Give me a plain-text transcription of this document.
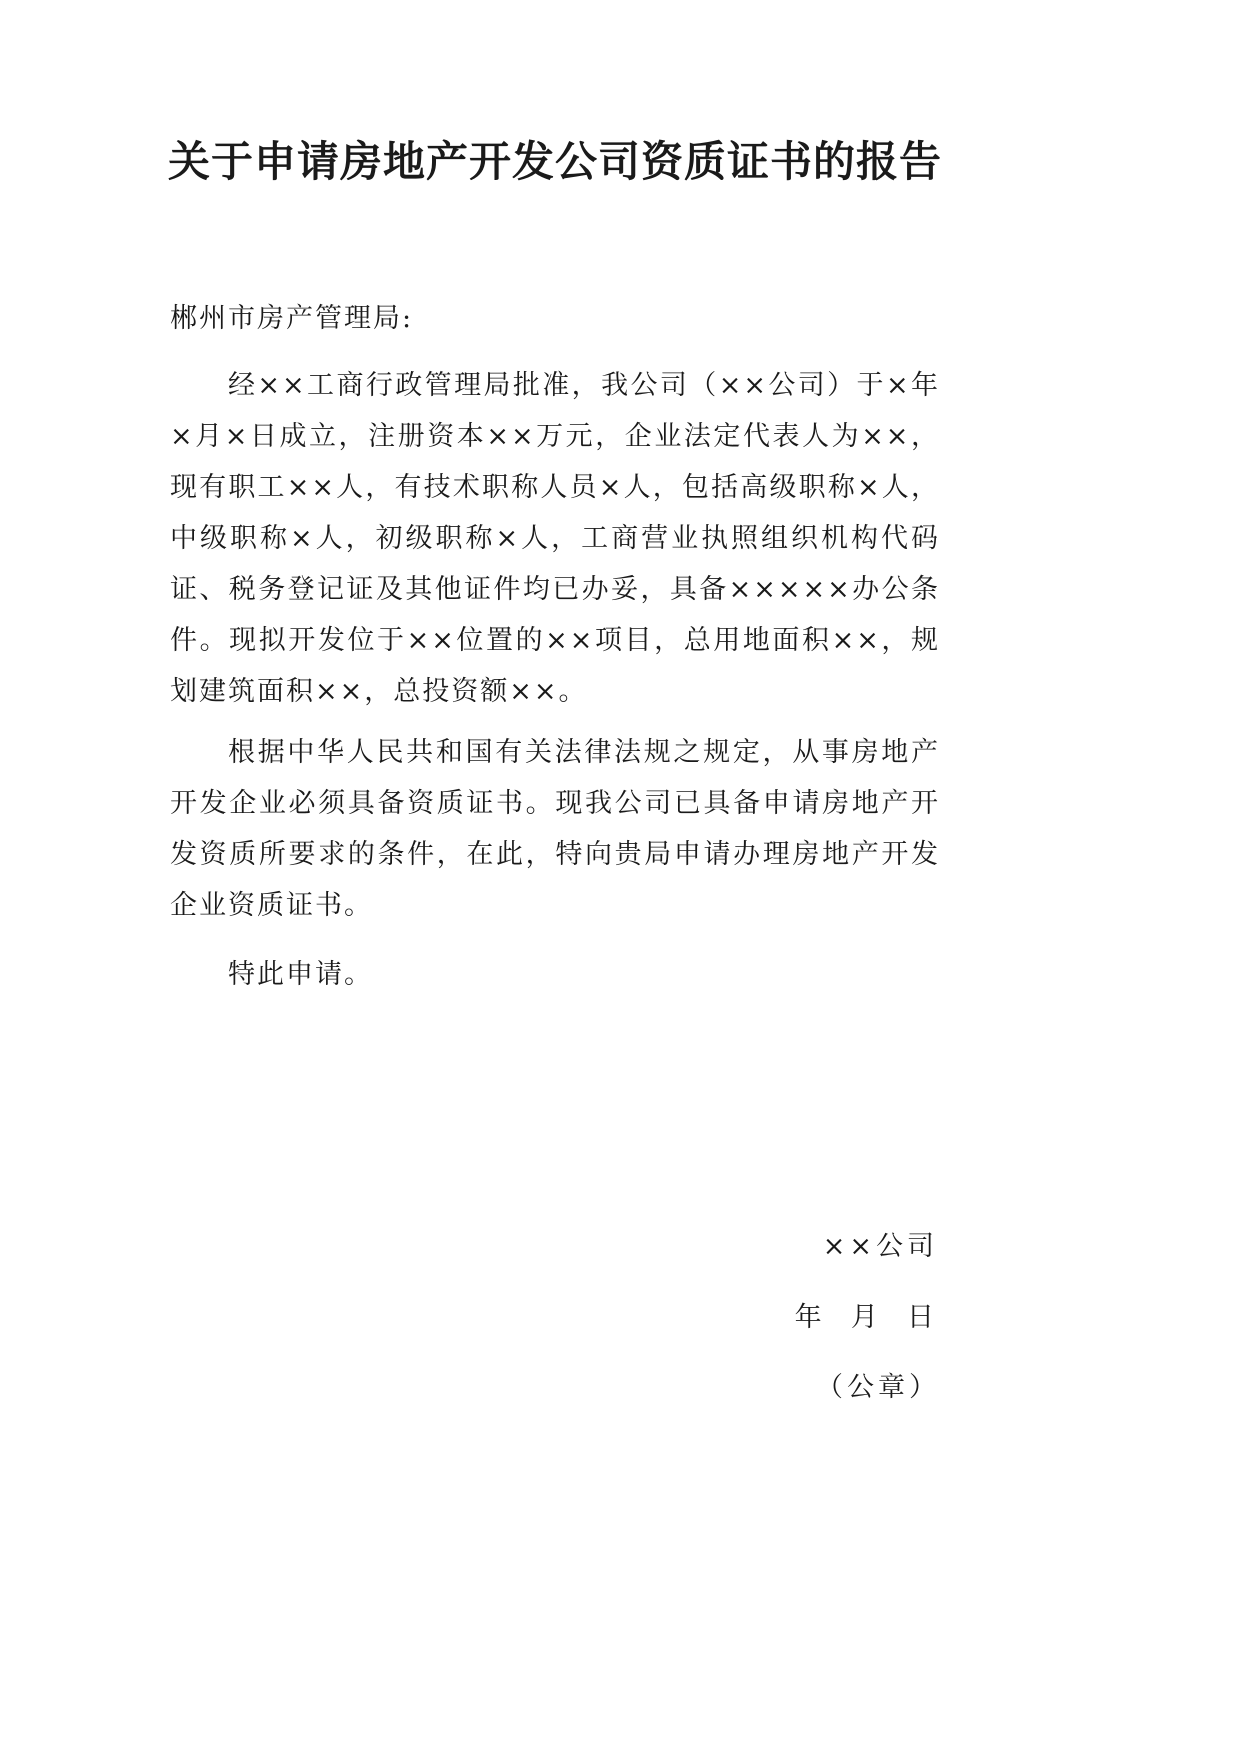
关于申请房地产开发公司资质证书的报告

郴州市房产管理局:

经××工商行政管理局批准，我公司（××公司）于×年×月×日成立，注册资本××万元，企业法定代表人为××，现有职工××人，有技术职称人员×人，包括高级职称×人，中级职称×人，初级职称×人，工商营业执照组织机构代码证、税务登记证及其他证件均已办妥，具备×××××办公条件。现拟开发位于××位置的××项目，总用地面积××，规划建筑面积××，总投资额××。

根据中华人民共和国有关法律法规之规定，从事房地产开发企业必须具备资质证书。现我公司已具备申请房地产开发资质所要求的条件，在此，特向贵局申请办理房地产开发企业资质证书。

特此申请。

××公司

年  月  日

（公章）
